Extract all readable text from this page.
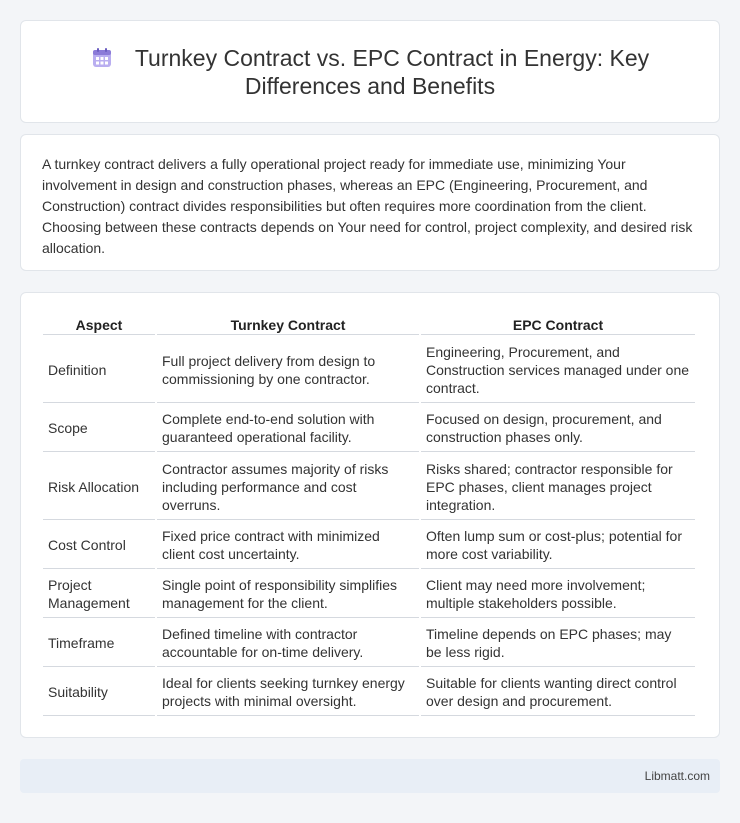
Turnkey Contract vs. EPC Contract in Energy: Key Differences and Benefits

A turnkey contract delivers a fully operational project ready for immediate use, minimizing Your involvement in design and construction phases, whereas an EPC (Engineering, Procurement, and Construction) contract divides responsibilities but often requires more coordination from the client. Choosing between these contracts depends on Your need for control, project complexity, and desired risk allocation.

Aspect	Turnkey Contract	EPC Contract
Definition	Full project delivery from design to commissioning by one contractor.	Engineering, Procurement, and Construction services managed under one contract.
Scope	Complete end-to-end solution with guaranteed operational facility.	Focused on design, procurement, and construction phases only.
Risk Allocation	Contractor assumes majority of risks including performance and cost overruns.	Risks shared; contractor responsible for EPC phases, client manages project integration.
Cost Control	Fixed price contract with minimized client cost uncertainty.	Often lump sum or cost-plus; potential for more cost variability.
Project Management	Single point of responsibility simplifies management for the client.	Client may need more involvement; multiple stakeholders possible.
Timeframe	Defined timeline with contractor accountable for on-time delivery.	Timeline depends on EPC phases; may be less rigid.
Suitability	Ideal for clients seeking turnkey energy projects with minimal oversight.	Suitable for clients wanting direct control over design and procurement.
Libmatt.com
